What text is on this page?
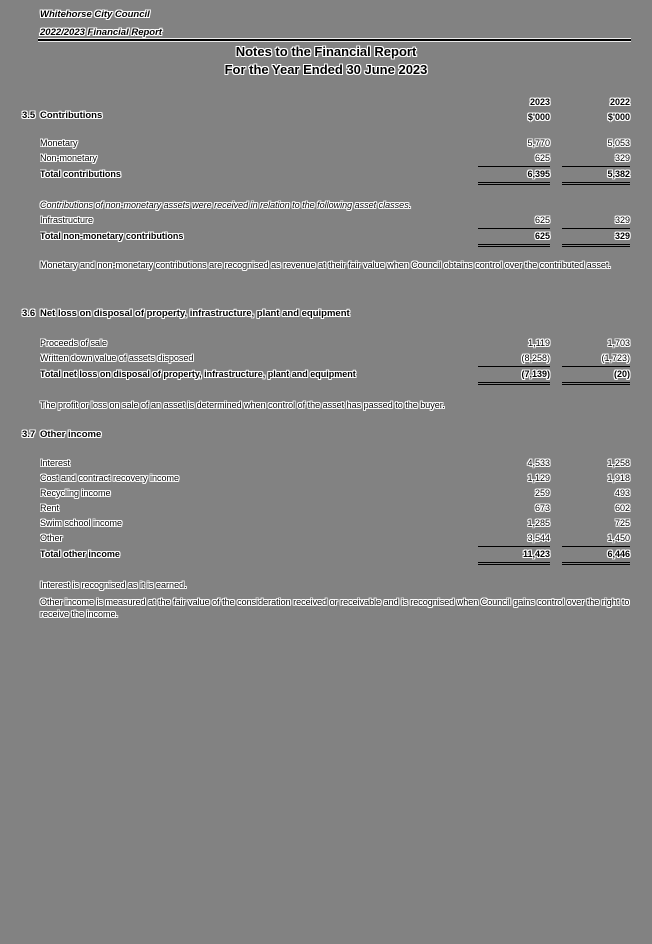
Whitehorse City Council
2022/2023 Financial Report
Notes to the Financial Report
For the Year Ended 30 June 2023
2023	2022
$'000	$'000
3.5 Contributions
Monetary	5,770	5,053
Non-monetary	625	329
Total contributions	6,395	5,382
Contributions of non-monetary assets were received in relation to the following asset classes.
Infrastructure	625	329
Total non-monetary contributions	625	329
Monetary and non-monetary contributions are recognised as revenue at their fair value when Council obtains control over the contributed asset.
3.6 Net loss on disposal of property, infrastructure, plant and equipment
Proceeds of sale	1,119	1,703
Written down value of assets disposed	(8,258)	(1,723)
Total net loss on disposal of property, infrastructure, plant and equipment	(7,139)	(20)
The profit or loss on sale of an asset is determined when control of the asset has passed to the buyer.
3.7 Other income
Interest	4,533	1,258
Cost and contract recovery income	1,129	1,918
Recycling income	259	493
Rent	673	602
Swim school income	1,285	725
Other	3,544	1,450
Total other income	11,423	6,446
Interest is recognised as it is earned.
Other income is measured at the fair value of the consideration received or receivable and is recognised when Council gains control over the right to receive the income.
